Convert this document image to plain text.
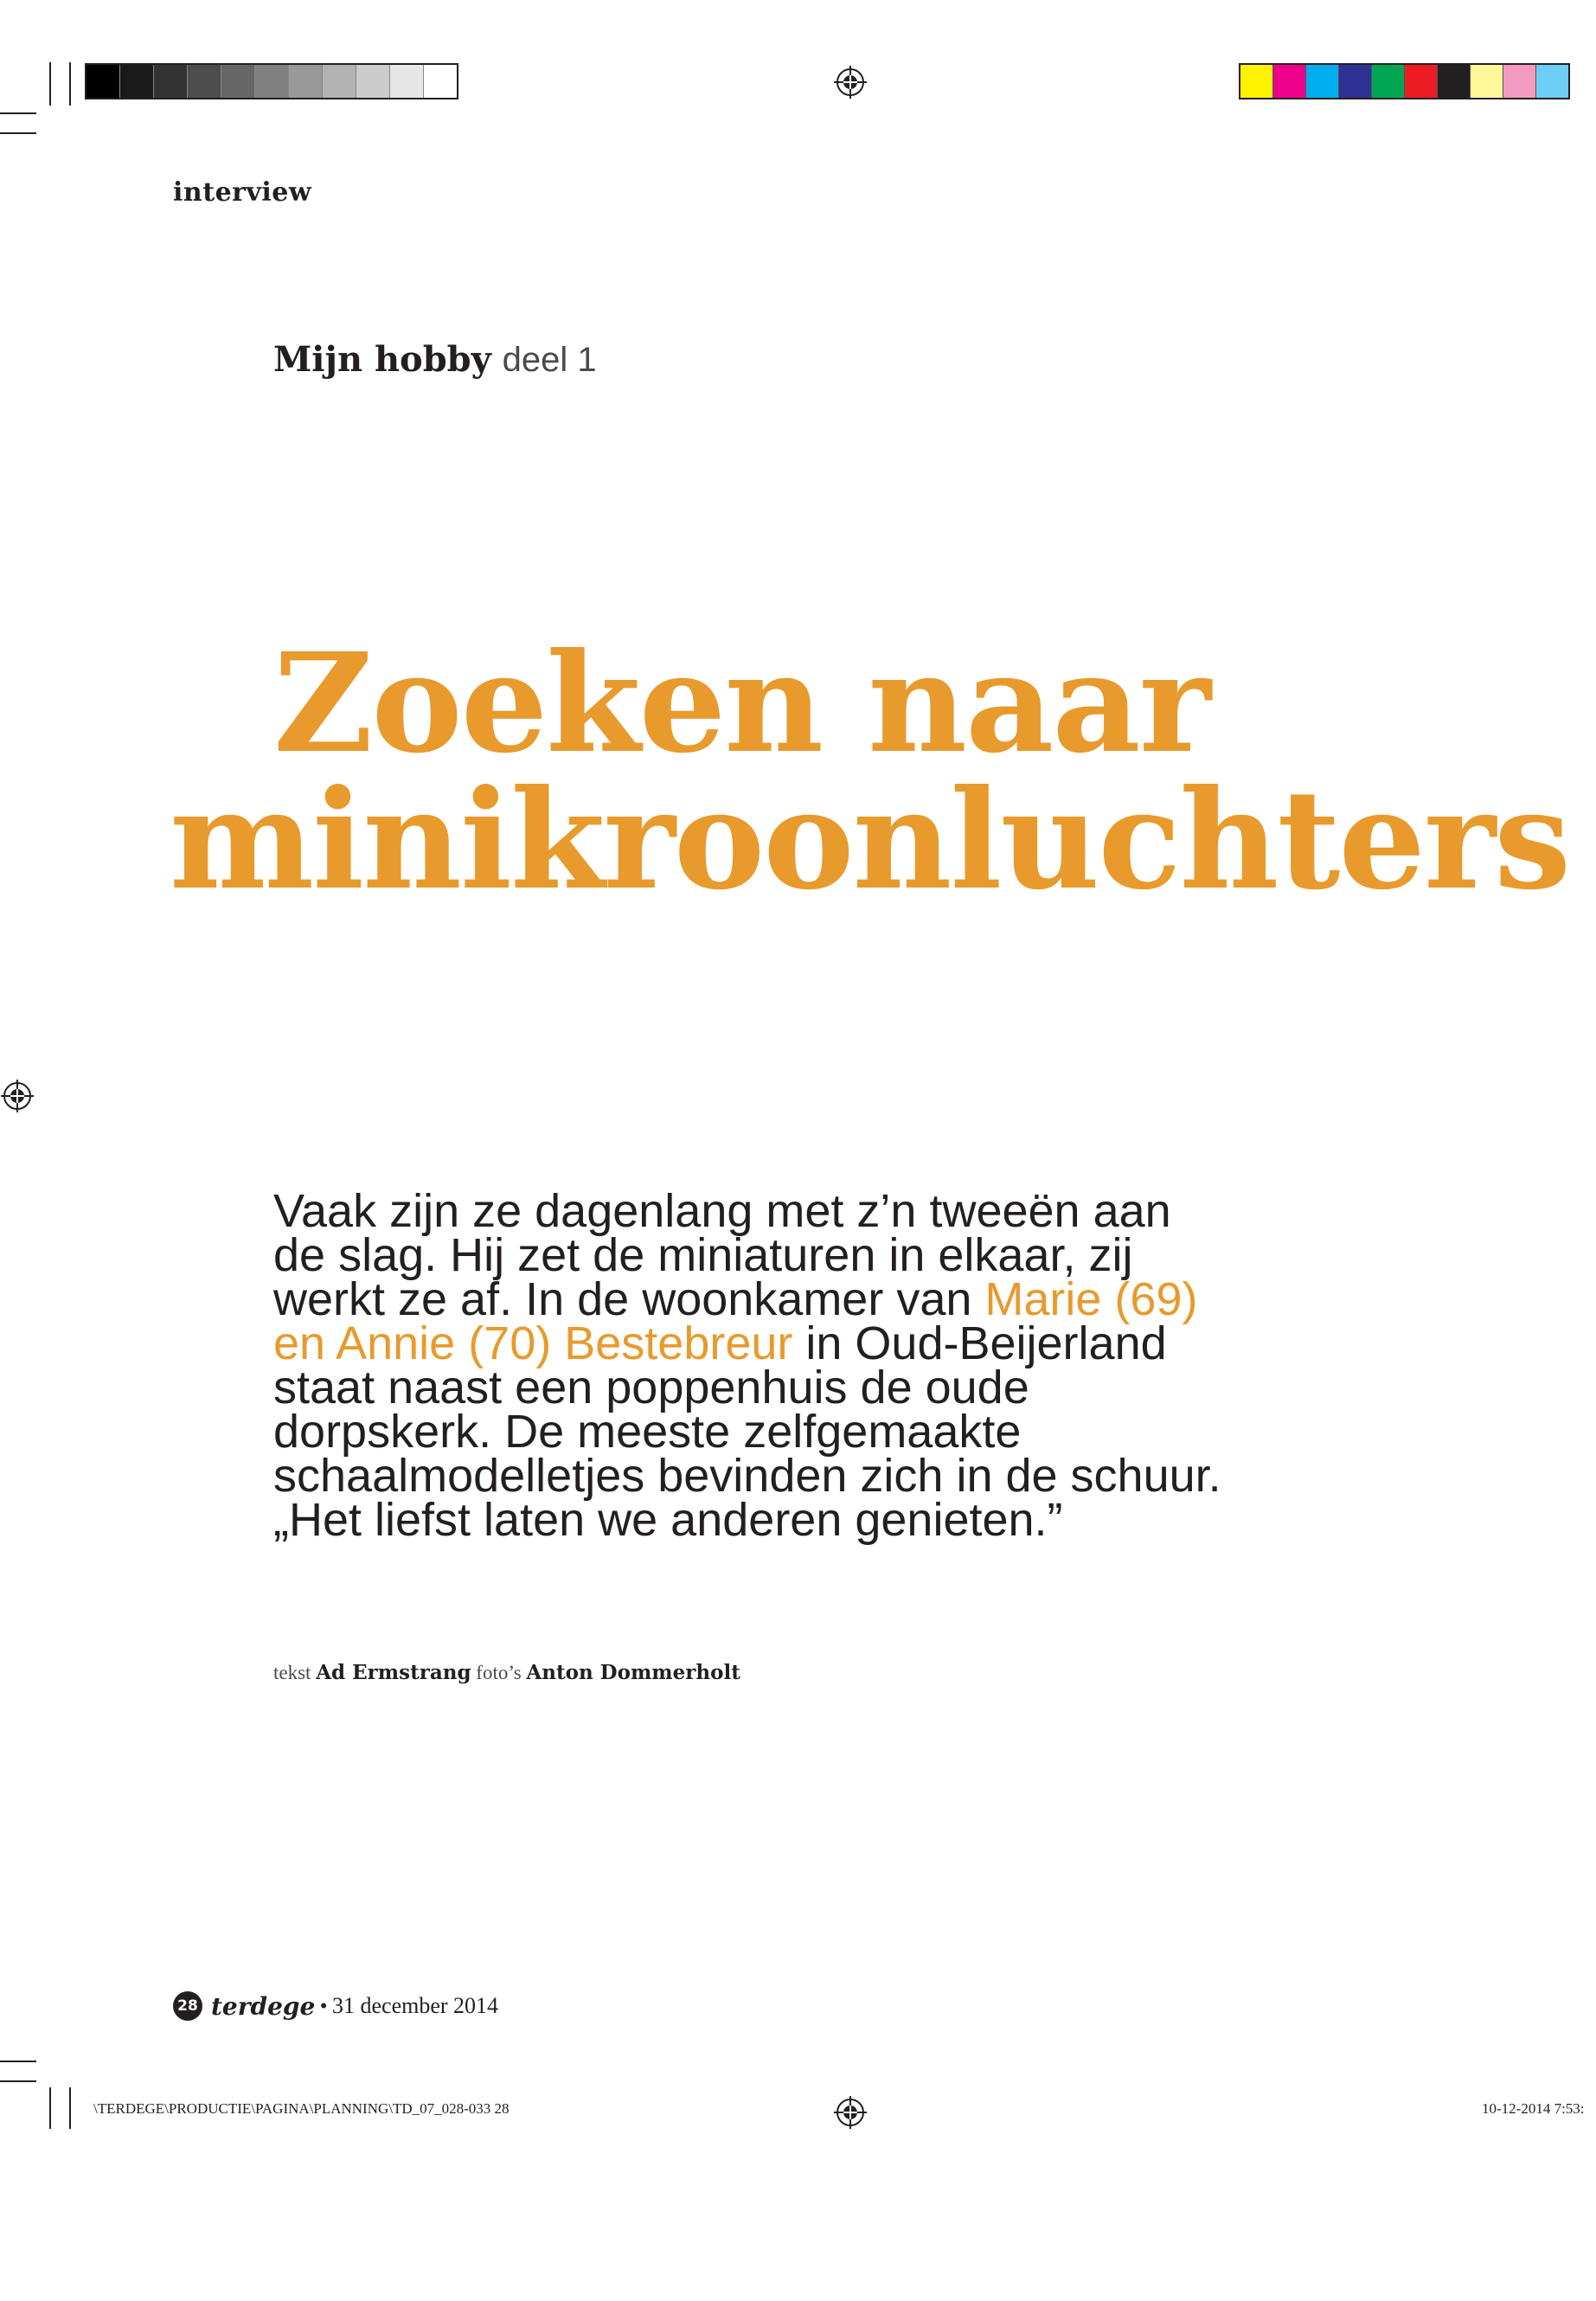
interview
Mijn hobby deel 1
Zoeken naar
minikroonluchters

Vaak zijn ze dagenlang met z’n tweeën aan de slag. Hij zet de miniaturen in elkaar, zij werkt ze af. In de woonkamer van Marie (69) en Annie (70) Bestebreur in Oud-Beijerland staat naast een poppenhuis de oude dorpskerk. De meeste zelfgemaakte schaalmodelletjes bevinden zich in de schuur. „Het liefst laten we anderen genieten.”

tekst Ad Ermstrang foto’s Anton Dommerholt
28 terdege • 31 december 2014
\TERDEGE\PRODUCTIE\PAGINA\PLANNING\TD_07_028-033 28	10-12-2014 7:53:
